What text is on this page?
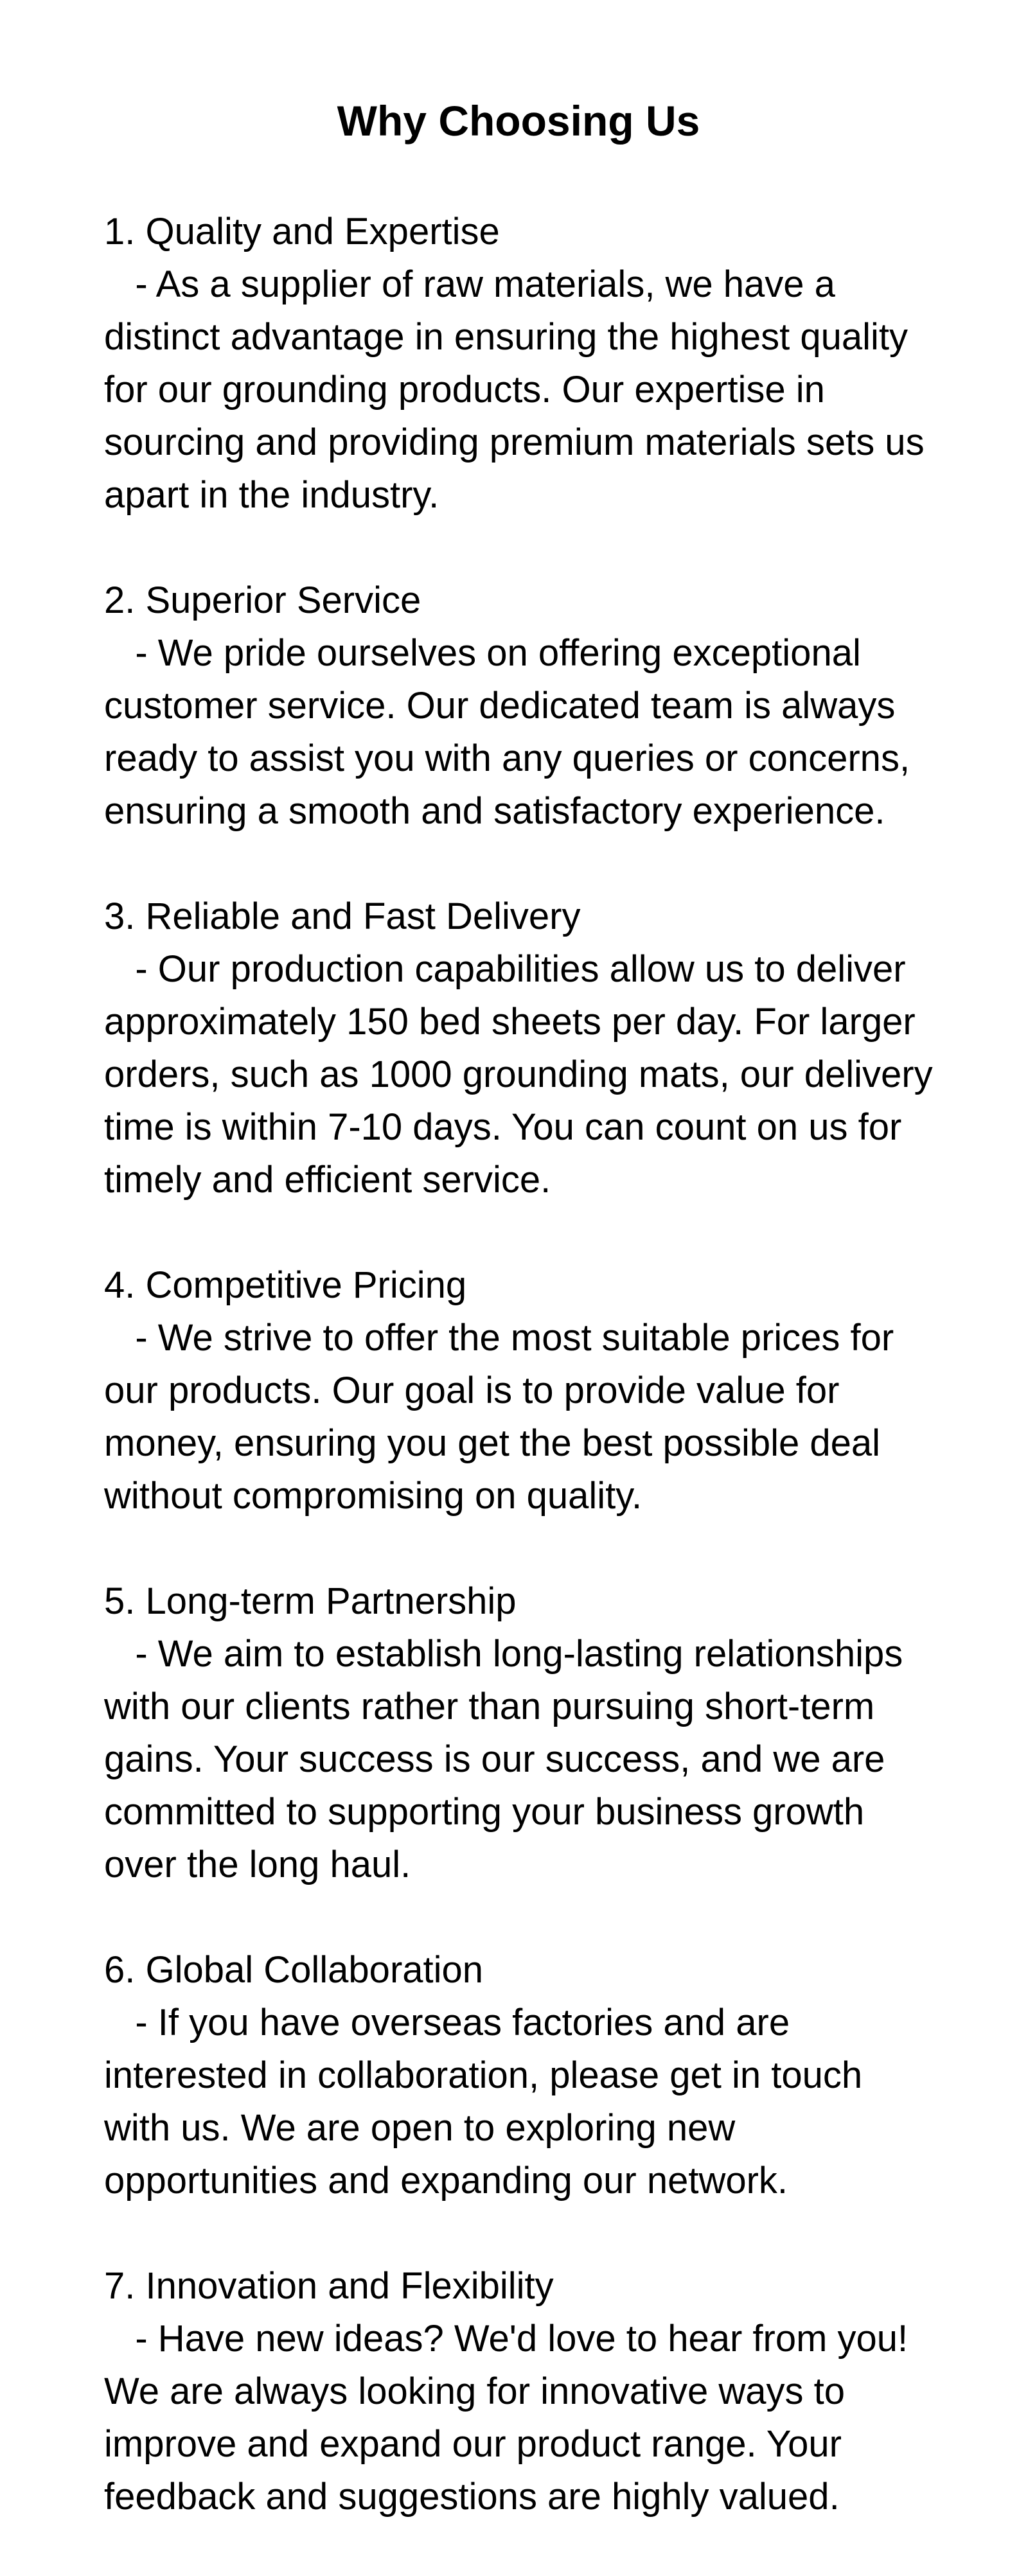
Why Choosing Us
1. Quality and Expertise

- As a supplier of raw materials, we have a distinct advantage in ensuring the highest quality for our grounding products. Our expertise in sourcing and providing premium materials sets us apart in the industry.

2. Superior Service

- We pride ourselves on offering exceptional customer service. Our dedicated team is always ready to assist you with any queries or concerns, ensuring a smooth and satisfactory experience.

3. Reliable and Fast Delivery

- Our production capabilities allow us to deliver approximately 150 bed sheets per day. For larger orders, such as 1000 grounding mats, our delivery time is within 7-10 days. You can count on us for timely and efficient service.

4. Competitive Pricing

- We strive to offer the most suitable prices for our products. Our goal is to provide value for money, ensuring you get the best possible deal without compromising on quality.

5. Long-term Partnership

- We aim to establish long-lasting relationships with our clients rather than pursuing short-term gains. Your success is our success, and we are committed to supporting your business growth over the long haul.

6. Global Collaboration

- If you have overseas factories and are interested in collaboration, please get in touch with us. We are open to exploring new opportunities and expanding our network.

7. Innovation and Flexibility

- Have new ideas? We'd love to hear from you! We are always looking for innovative ways to improve and expand our product range. Your feedback and suggestions are highly valued.
